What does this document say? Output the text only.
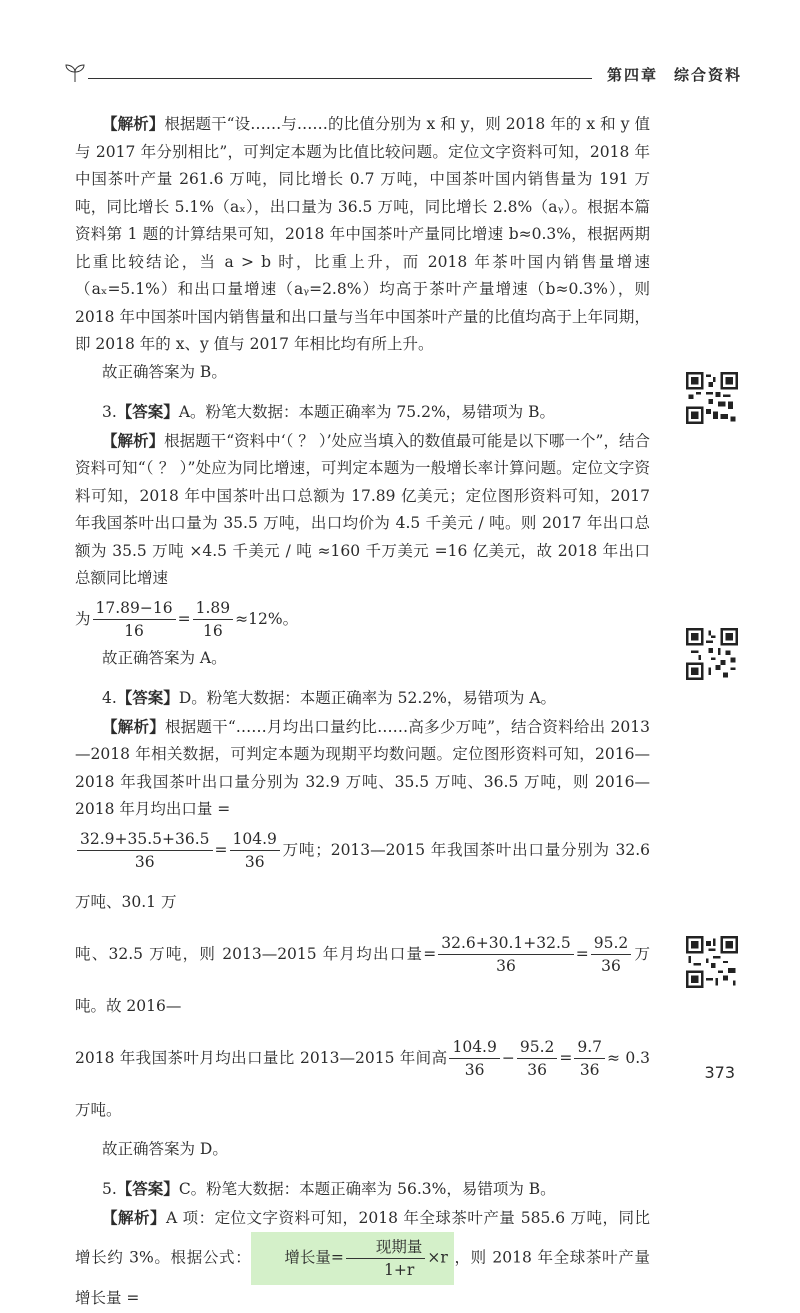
第四章 综合资料

【解析】根据题干“设……与……的比值分别为 x 和 y，则 2018 年的 x 和 y 值与 2017 年分别相比”，可判定本题为比值比较问题。定位文字资料可知，2018 年中国茶叶产量 261.6 万吨，同比增长 0.7 万吨，中国茶叶国内销售量为 191 万吨，同比增长 5.1%（aₓ），出口量为 36.5 万吨，同比增长 2.8%（aᵧ）。根据本篇资料第 1 题的计算结果可知，2018 年中国茶叶产量同比增速 b≈0.3%，根据两期比重比较结论，当 a > b 时，比重上升，而 2018 年茶叶国内销售量增速（aₓ=5.1%）和出口量增速（aᵧ=2.8%）均高于茶叶产量增速（b≈0.3%），则 2018 年中国茶叶国内销售量和出口量与当年中国茶叶产量的比值均高于上年同期，即 2018 年的 x、y 值与 2017 年相比均有所上升。

故正确答案为 B。

3.【答案】A。粉笔大数据：本题正确率为 75.2%，易错项为 B。

【解析】根据题干“资料中‘（ ？ ）’处应当填入的数值最可能是以下哪一个”，结合资料可知“（ ？ ）”处应为同比增速，可判定本题为一般增长率计算问题。定位文字资料可知，2018 年中国茶叶出口总额为 17.89 亿美元；定位图形资料可知，2017 年我国茶叶出口量为 35.5 万吨，出口均价为 4.5 千美元 / 吨。则 2017 年出口总额为 35.5 万吨 ×4.5 千美元 / 吨 ≈160 千万美元 =16 亿美元，故 2018 年出口总额同比增速

为 $\frac{17.89-16}{16} = \frac{1.89}{16} \approx 12\%$。

故正确答案为 A。

4.【答案】D。粉笔大数据：本题正确率为 52.2%，易错项为 A。

【解析】根据题干“……月均出口量约比……高多少万吨”，结合资料给出 2013—2018 年相关数据，可判定本题为现期平均数问题。定位图形资料可知，2016—2018 年我国茶叶出口量分别为 32.9 万吨、35.5 万吨、36.5 万吨，则 2016—2018 年月均出口量 =

$\frac{32.9+35.5+36.5}{36} = \frac{104.9}{36}$ 万吨；2013—2015 年我国茶叶出口量分别为 32.6 万吨、30.1 万

吨、32.5 万吨，则 2013—2015 年月均出口量= $\frac{32.6+30.1+32.5}{36} = \frac{95.2}{36}$ 万吨。故 2016—

2018 年我国茶叶月均出口量比 2013—2015 年间高 $\frac{104.9}{36} - \frac{95.2}{36} = \frac{9.7}{36} \approx 0.3$万吨。

故正确答案为 D。

5.【答案】C。粉笔大数据：本题正确率为 56.3%，易错项为 B。

【解析】A 项：定位文字资料可知，2018 年全球茶叶产量 585.6 万吨，同比增长约 3%。根据公式： 增长量= $\frac{\text{现期量}}{1+r} \times r$ ，则 2018 年全球茶叶产量增长量 =

373
